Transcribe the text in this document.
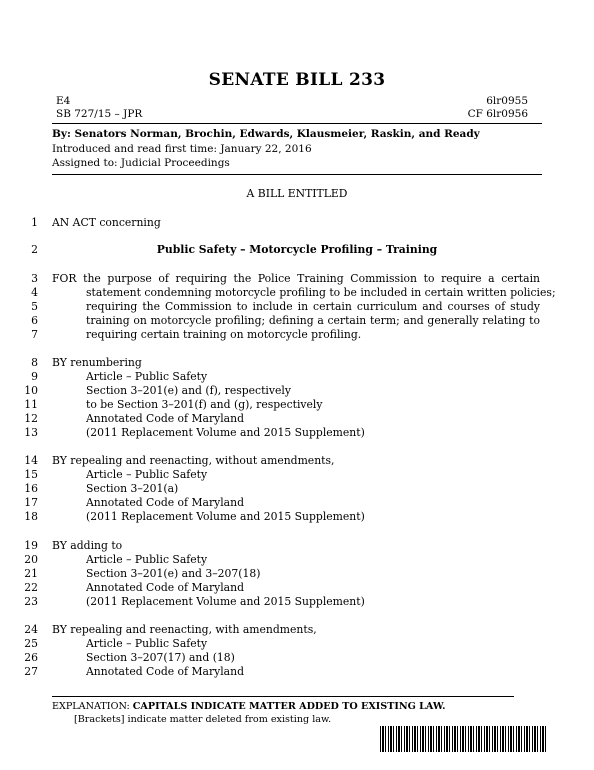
SENATE BILL 233
E4
SB 727/15 – JPR
6lr0955
CF 6lr0956
By: Senators Norman, Brochin, Edwards, Klausmeier, Raskin, and Ready
Introduced and read first time: January 22, 2016
Assigned to: Judicial Proceedings
A BILL ENTITLED
1 AN ACT concerning
2	Public Safety – Motorcycle Profiling – Training
3 FOR the purpose of requiring the Police Training Commission to require a certain
4	statement condemning motorcycle profiling to be included in certain written policies;
5	requiring the Commission to include in certain curriculum and courses of study
6	training on motorcycle profiling; defining a certain term; and generally relating to
7	requiring certain training on motorcycle profiling.
8 BY renumbering
9	Article – Public Safety
10	Section 3–201(e) and (f), respectively
11	to be Section 3–201(f) and (g), respectively
12	Annotated Code of Maryland
13	(2011 Replacement Volume and 2015 Supplement)
14 BY repealing and reenacting, without amendments,
15	Article – Public Safety
16	Section 3–201(a)
17	Annotated Code of Maryland
18	(2011 Replacement Volume and 2015 Supplement)
19 BY adding to
20	Article – Public Safety
21	Section 3–201(e) and 3–207(18)
22	Annotated Code of Maryland
23	(2011 Replacement Volume and 2015 Supplement)
24 BY repealing and reenacting, with amendments,
25	Article – Public Safety
26	Section 3–207(17) and (18)
27	Annotated Code of Maryland
EXPLANATION: CAPITALS INDICATE MATTER ADDED TO EXISTING LAW.
[Brackets] indicate matter deleted from existing law.
